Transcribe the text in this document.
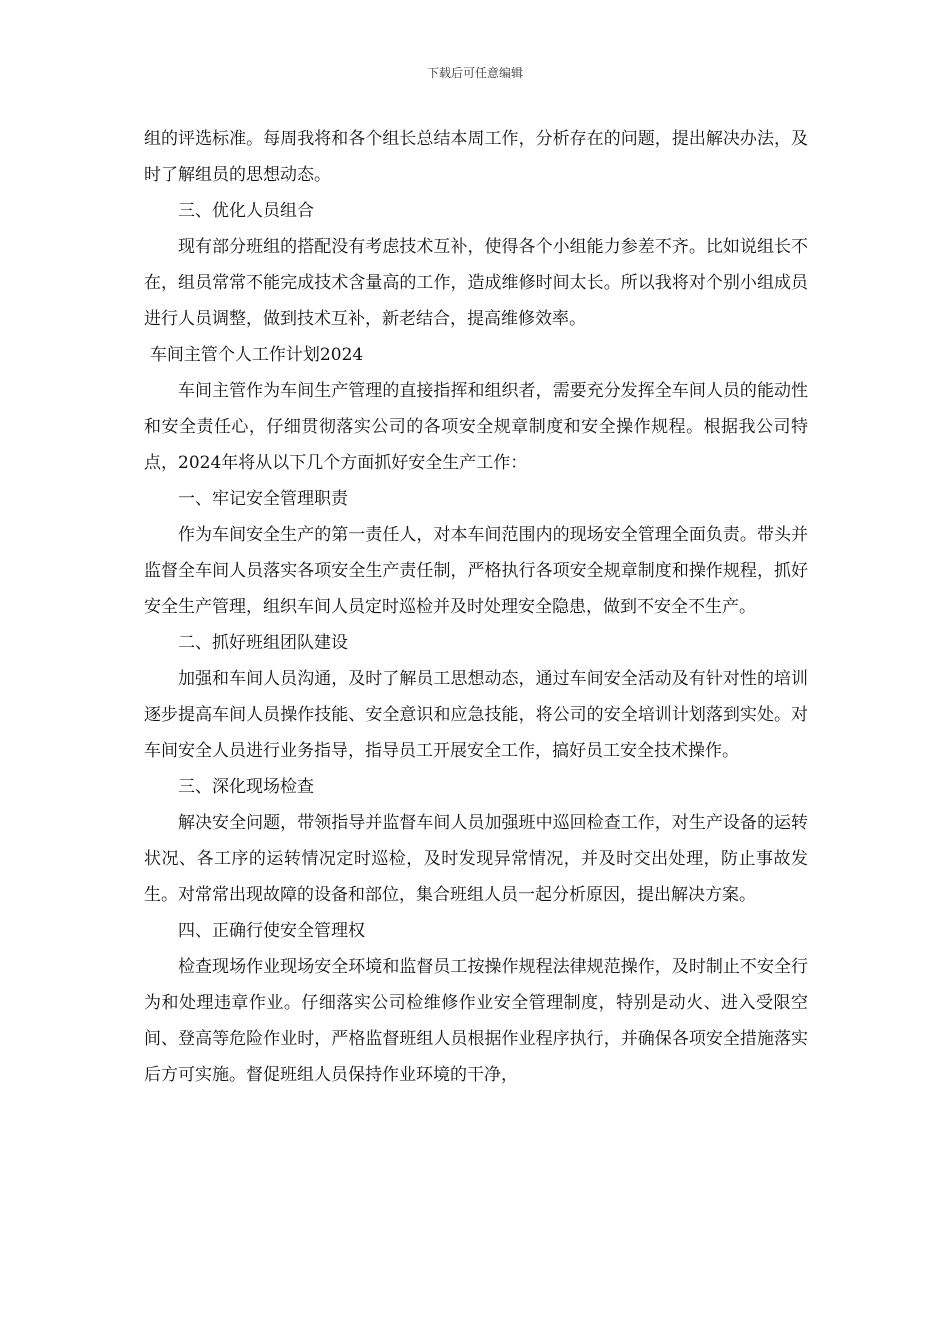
下载后可任意编辑

组的评选标准。每周我将和各个组长总结本周工作，分析存在的问题，提出解决办法，及时了解组员的思想动态。

三、优化人员组合

现有部分班组的搭配没有考虑技术互补，使得各个小组能力参差不齐。比如说组长不在，组员常常不能完成技术含量高的工作，造成维修时间太长。所以我将对个别小组成员进行人员调整，做到技术互补，新老结合，提高维修效率。

车间主管个人工作计划2024

车间主管作为车间生产管理的直接指挥和组织者，需要充分发挥全车间人员的能动性和安全责任心，仔细贯彻落实公司的各项安全规章制度和安全操作规程。根据我公司特点，2024年将从以下几个方面抓好安全生产工作：

一、牢记安全管理职责

作为车间安全生产的第一责任人，对本车间范围内的现场安全管理全面负责。带头并监督全车间人员落实各项安全生产责任制，严格执行各项安全规章制度和操作规程，抓好安全生产管理，组织车间人员定时巡检并及时处理安全隐患，做到不安全不生产。

二、抓好班组团队建设

加强和车间人员沟通，及时了解员工思想动态，通过车间安全活动及有针对性的培训逐步提高车间人员操作技能、安全意识和应急技能，将公司的安全培训计划落到实处。对车间安全人员进行业务指导，指导员工开展安全工作，搞好员工安全技术操作。

三、深化现场检查

解决安全问题，带领指导并监督车间人员加强班中巡回检查工作，对生产设备的运转状况、各工序的运转情况定时巡检，及时发现异常情况，并及时交出处理，防止事故发生。对常常出现故障的设备和部位，集合班组人员一起分析原因，提出解决方案。

四、正确行使安全管理权

检查现场作业现场安全环境和监督员工按操作规程法律规范操作，及时制止不安全行为和处理违章作业。仔细落实公司检维修作业安全管理制度，特别是动火、进入受限空间、登高等危险作业时，严格监督班组人员根据作业程序执行，并确保各项安全措施落实后方可实施。督促班组人员保持作业环境的干净，
